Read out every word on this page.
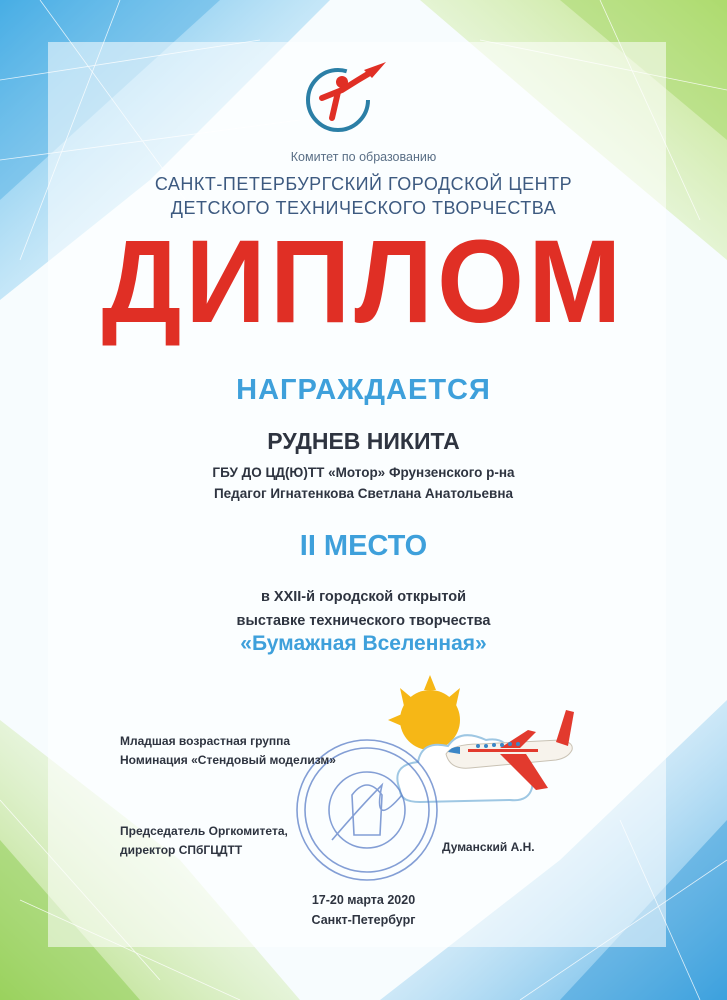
Комитет по образованию
САНКТ-ПЕТЕРБУРГСКИЙ ГОРОДСКОЙ ЦЕНТР
ДЕТСКОГО ТЕХНИЧЕСКОГО ТВОРЧЕСТВА
ДИПЛОМ
НАГРАЖДАЕТСЯ
РУДНЕВ НИКИТА
ГБУ ДО ЦД(Ю)ТТ «Мотор» Фрунзенского р-на
Педагог Игнатенкова Светлана Анатольевна
II МЕСТО
в XXII-й городской открытой
выставке технического творчества
«Бумажная Вселенная»
Младшая возрастная группа
Номинация «Стендовый моделизм»
Председатель Оргкомитета,
директор СПбГЦДТТ	Думанский А.Н.
17-20 марта 2020
Санкт-Петербург
